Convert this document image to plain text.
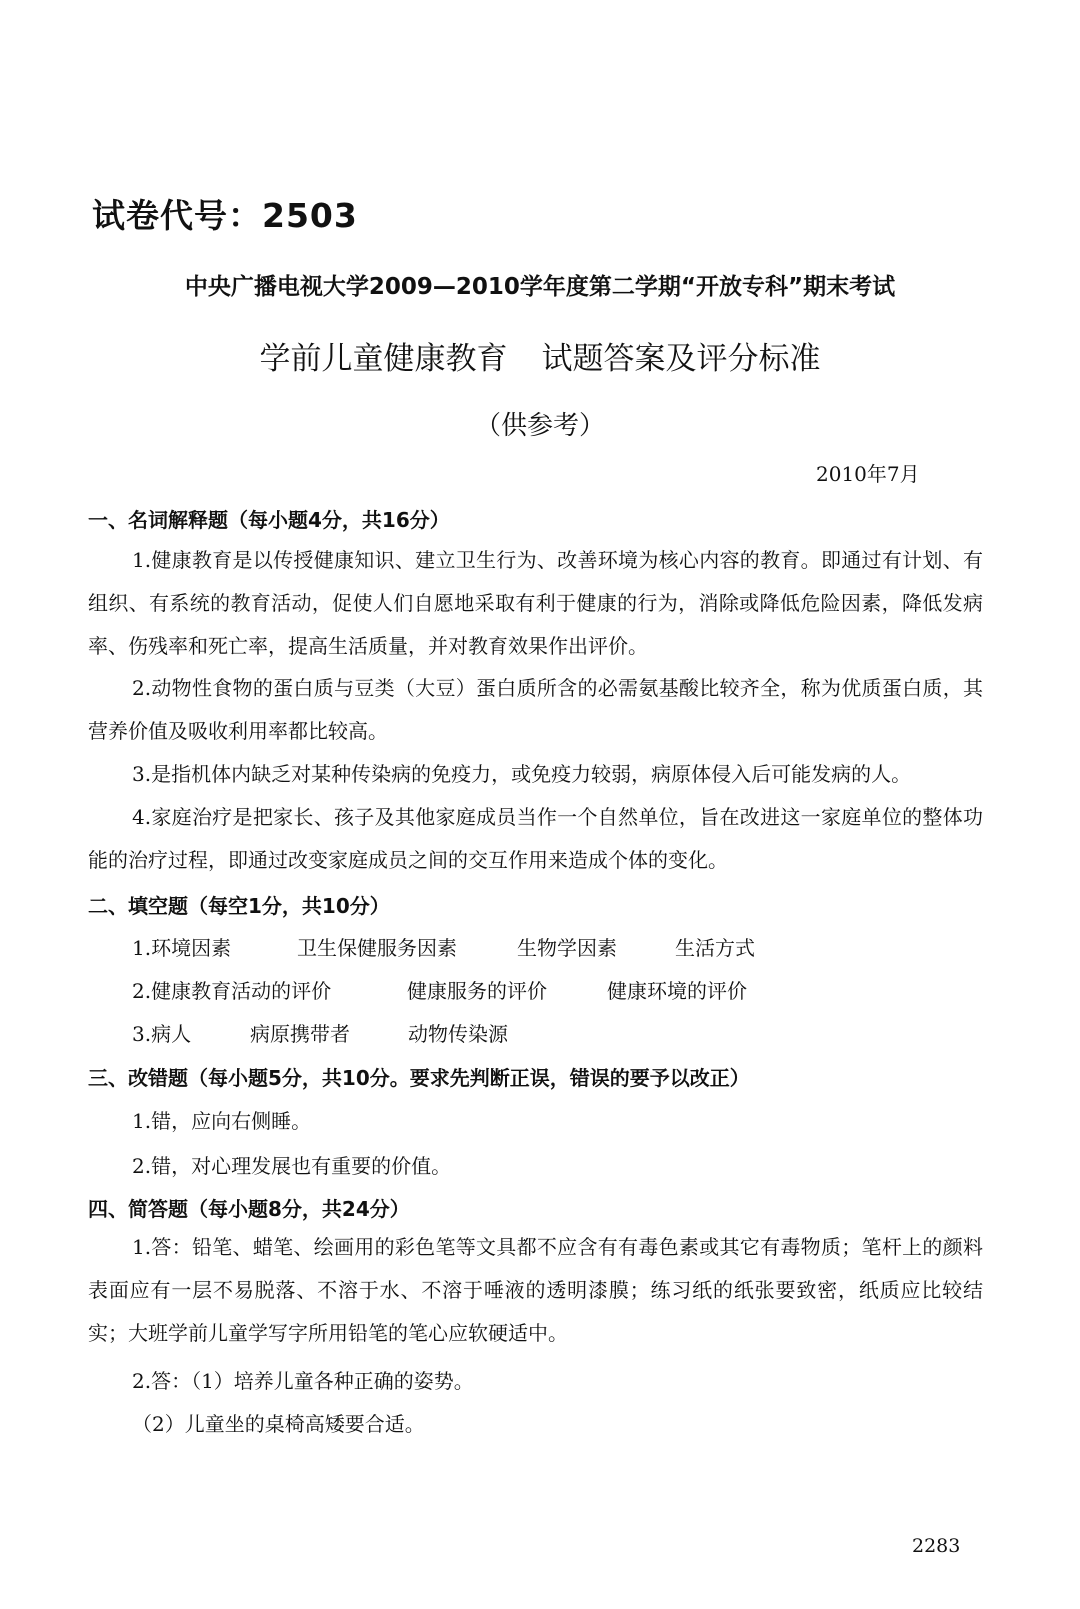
试卷代号：2503
中央广播电视大学2009—2010学年度第二学期“开放专科”期末考试
学前儿童健康教育 试题答案及评分标准
（供参考）
2010年7月
一、名词解释题（每小题4分，共16分）

1.健康教育是以传授健康知识、建立卫生行为、改善环境为核心内容的教育。即通过有计划、有组织、有系统的教育活动，促使人们自愿地采取有利于健康的行为，消除或降低危险因素，降低发病率、伤残率和死亡率，提高生活质量，并对教育效果作出评价。

2.动物性食物的蛋白质与豆类（大豆）蛋白质所含的必需氨基酸比较齐全，称为优质蛋白质，其营养价值及吸收利用率都比较高。

3.是指机体内缺乏对某种传染病的免疫力，或免疫力较弱，病原体侵入后可能发病的人。

4.家庭治疗是把家长、孩子及其他家庭成员当作一个自然单位，旨在改进这一家庭单位的整体功能的治疗过程，即通过改变家庭成员之间的交互作用来造成个体的变化。

二、填空题（每空1分，共10分）
1.环境因素	卫生保健服务因素	生物学因素	生活方式
2.健康教育活动的评价	健康服务的评价	健康环境的评价
3.病人	病原携带者	动物传染源
三、改错题（每小题5分，共10分。要求先判断正误，错误的要予以改正）
1.错，应向右侧睡。
2.错，对心理发展也有重要的价值。
四、简答题（每小题8分，共24分）

1.答：铅笔、蜡笔、绘画用的彩色笔等文具都不应含有有毒色素或其它有毒物质；笔杆上的颜料表面应有一层不易脱落、不溶于水、不溶于唾液的透明漆膜；练习纸的纸张要致密，纸质应比较结实；大班学前儿童学写字所用铅笔的笔心应软硬适中。

2.答：（1）培养儿童各种正确的姿势。
（2）儿童坐的桌椅高矮要合适。
2283
